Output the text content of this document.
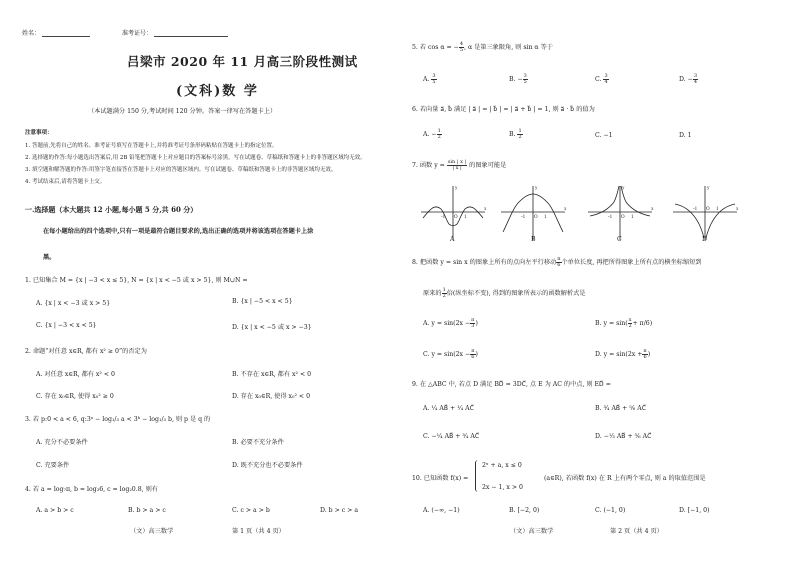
姓名：	准考证号：
吕梁市 2020 年 11 月高三阶段性测试
(文科)数 学
（本试题满分 150 分,考试时间 120 分钟。答案一律写在答题卡上）
注意事项：
1. 答题前,先将自己的姓名、准考证号填写在答题卡上,并将准考证号条形码粘贴在答题卡上的指定位置。
2. 选择题的作答:每小题选出答案后,用 2B 铅笔把答题卡上对应题目的答案标号涂黑。写在试题卷、草稿纸和答题卡上的非答题区域均无效。
3. 填空题和解答题的作答:用签字笔直接答在答题卡上对应的答题区域内。写在试题卷、草稿纸和答题卡上的非答题区域均无效。
4. 考试结束后,请将答题卡上交。
一.选择题（本大题共 12 小题,每小题 5 分,共 60 分）
在每小题给出的四个选项中,只有一项是最符合题目要求的,选出正确的选项并将该选项在答题卡上涂
黑。
1. 已知集合 M = {x | −3 < x ≤ 5}, N = {x | x < −5 或 x > 5}, 则 M∪N =
A. {x | x < −3 或 x > 5}	B. {x | −5 < x < 5}
C. {x | −3 < x < 5}	D. {x | x < −5 或 x > −3}
2. 命题“对任意 x∈R, 都有 x² ≥ 0”的否定为
A. 对任意 x∈R, 都有 x² < 0	B. 不存在 x∈R, 都有 x² < 0
C. 存在 x₀∈R, 使得 x₀² ≥ 0	D. 存在 x₀∈R, 使得 x₀² < 0
3. 若 p:0 < a < 6, q:3ᵃ − log₁/₃ a < 3ᵇ − log₁/₃ b, 则 p 是 q 的
A. 充分不必要条件	B. 必要不充分条件
C. 充要条件	D. 既不充分也不必要条件
4. 若 a = log₇π, b = log₃6, c = log₂0.8, 则有
A. a > b > c	B. b > a > c	C. c > a > b	D. b > c > a
（文）高三数学	第 1 页（共 4 页）
5. 若 cos α = − $\frac{4}{5}$ , α 是第三象限角, 则 sin α 等于
A. $\frac{3}{5}$	B. − $\frac{3}{5}$	C. $\frac{3}{4}$	D. − $\frac{3}{4}$
6. 若向量 a⃗, b⃗ 满足 | a⃗ | = | b⃗ | = | a⃗ + b⃗ | = 1, 则 a⃗ · b⃗ 的值为
A. − $\frac{1}{2}$	B. $\frac{1}{2}$	C. −1	D. 1
7. 函数 $y = \frac{\sin | x |}{| x |}$ 的图象可能是
-1 O 1
x
y
-1 O 1
x
y
-1 O 1
x
y
-1 O 1	x
y
A	B	C	D
8. 把函数 y = sin x 的图象上所有的点向左平行移动 $\frac{\pi}{6}$ 个单位长度, 再把所得图象上所有点的横坐标缩短到
原来的 $\frac{1}{2}$ 倍(纵坐标不变), 得到的图象所表示的函数解析式是
A. $y = \sin(2x - \frac{\pi}{3}$ )	B. $y = \sin( \frac{x}{2} + \pi/6)$
C. $y = \sin(2x - \frac{\pi}{6}$ )	D. $y = \sin(2x + \frac{\pi}{6}$ )
9. 在 △ABC 中, 若点 D 满足 BD⃗ = 3DC⃗, 点 E 为 AC 的中点, 则 ED⃗ =
A. ¹⁄₄ AB⃗ + ¹⁄₄ AC⃗	B. ³⁄₄ AB⃗ + ⁵⁄₆ AC⃗
C. −¹⁄₄ AB⃗ + ³⁄₄ AC⃗	D. −¹⁄₃ AB⃗ + ⁵⁄₆ AC⃗
10. 已知函数 f(x) =
2ˣ + a, x ≤ 0
2x − 1, x > 0
(a∈R), 若函数 f(x) 在 R 上有两个零点, 则 a 的取值范围是
A. (−∞, −1)	B. [−2, 0)	C. (−1, 0)	D. [−1, 0)
（文）高三数学	第 2 页（共 4 页）
